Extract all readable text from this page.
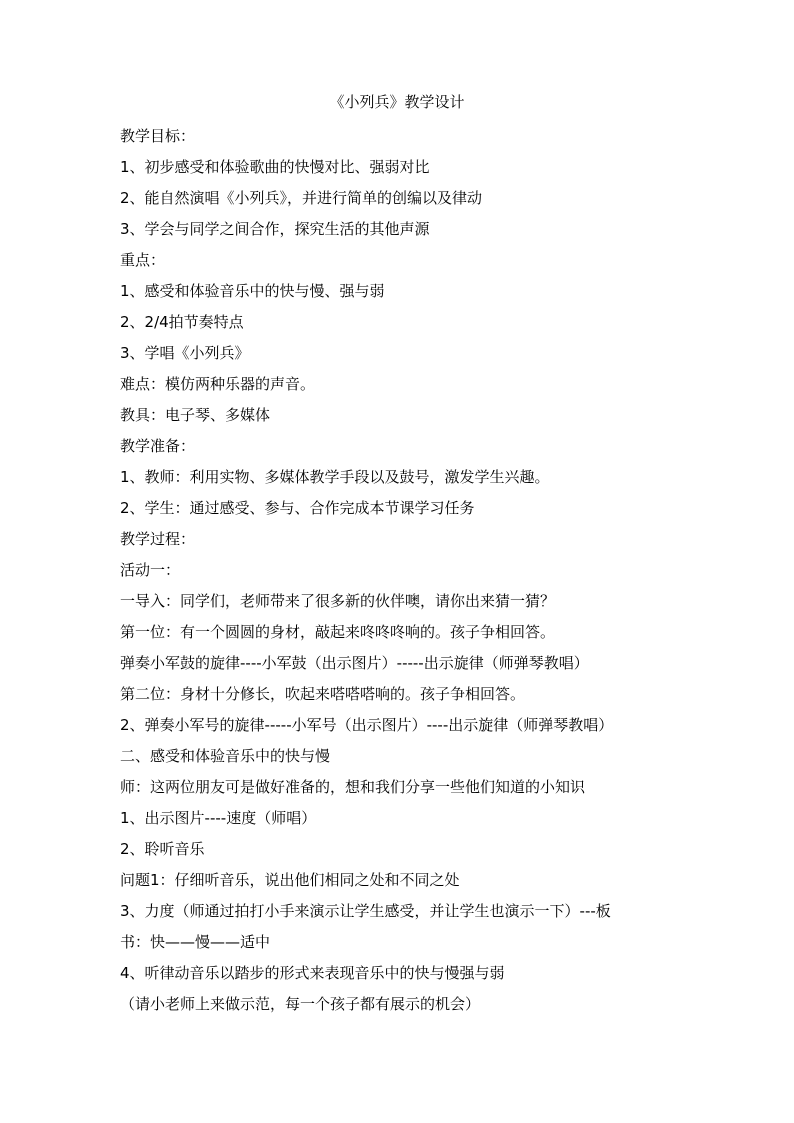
《小列兵》教学设计
教学目标：
1、初步感受和体验歌曲的快慢对比、强弱对比
2、能自然演唱《小列兵》，并进行简单的创编以及律动
3、学会与同学之间合作，探究生活的其他声源
重点：
1、感受和体验音乐中的快与慢、强与弱
2、2/4拍节奏特点
3、学唱《小列兵》
难点：模仿两种乐器的声音。
教具：电子琴、多媒体
教学准备：
1、教师：利用实物、多媒体教学手段以及鼓号，激发学生兴趣。
2、学生：通过感受、参与、合作完成本节课学习任务
教学过程：
活动一：
一导入：同学们，老师带来了很多新的伙伴噢，请你出来猜一猜？
第一位：有一个圆圆的身材，敲起来咚咚咚响的。孩子争相回答。
弹奏小军鼓的旋律----小军鼓（出示图片）-----出示旋律（师弹琴教唱）
第二位：身材十分修长，吹起来嗒嗒嗒响的。孩子争相回答。
2、弹奏小军号的旋律-----小军号（出示图片）----出示旋律（师弹琴教唱）
二、感受和体验音乐中的快与慢
师：这两位朋友可是做好准备的，想和我们分享一些他们知道的小知识
1、出示图片----速度（师唱）
2、聆听音乐
问题1：仔细听音乐，说出他们相同之处和不同之处
3、力度（师通过拍打小手来演示让学生感受，并让学生也演示一下）---板
书：快——慢——适中
4、听律动音乐以踏步的形式来表现音乐中的快与慢强与弱
（请小老师上来做示范，每一个孩子都有展示的机会）
